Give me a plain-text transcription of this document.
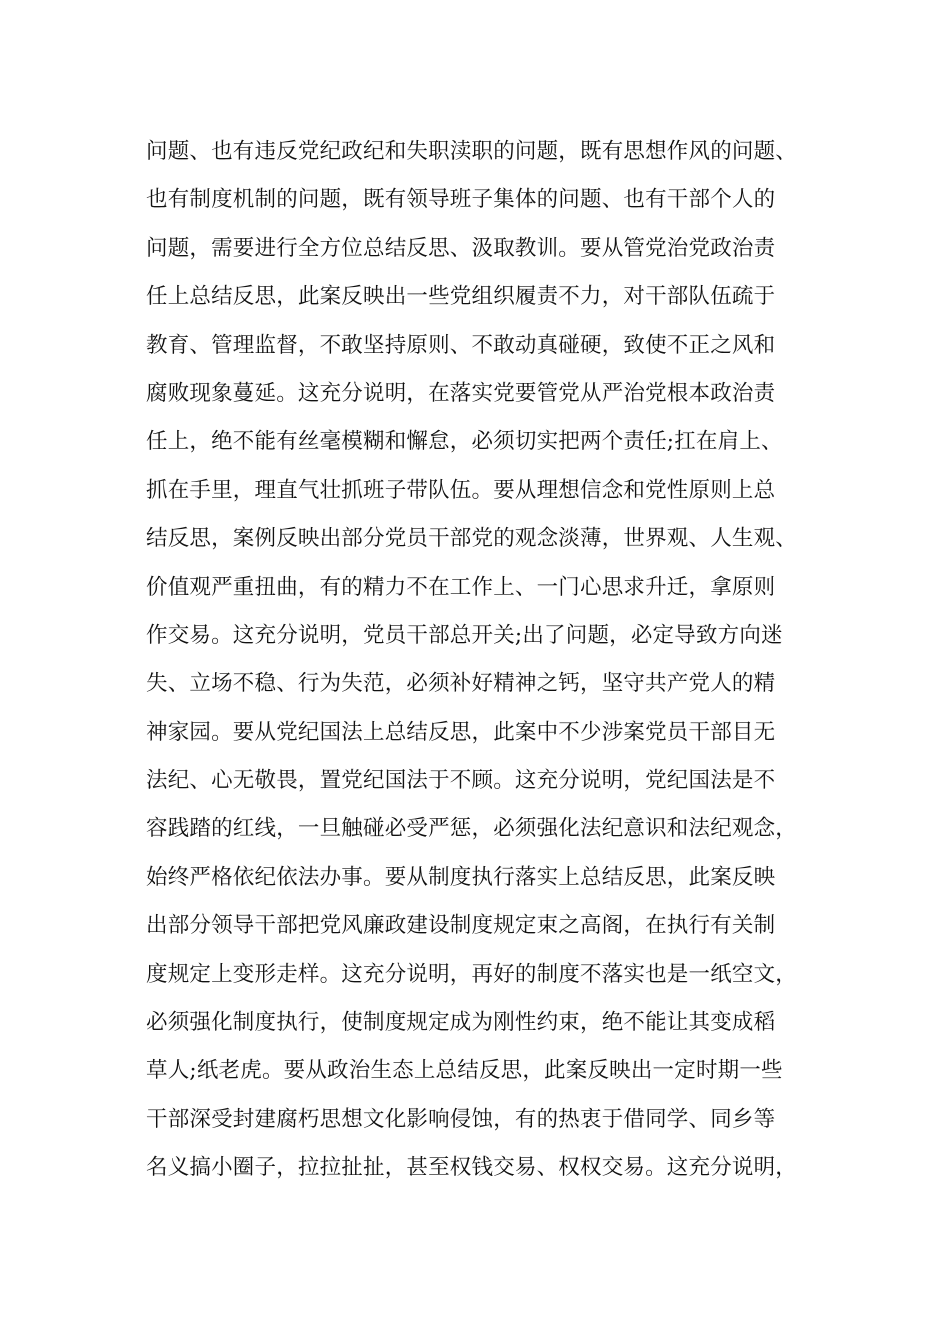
问题、也有违反党纪政纪和失职渎职的问题，既有思想作风的问题、
也有制度机制的问题，既有领导班子集体的问题、也有干部个人的
问题，需要进行全方位总结反思、汲取教训。要从管党治党政治责
任上总结反思，此案反映出一些党组织履责不力，对干部队伍疏于
教育、管理监督，不敢坚持原则、不敢动真碰硬，致使不正之风和
腐败现象蔓延。这充分说明，在落实党要管党从严治党根本政治责
任上，绝不能有丝毫模糊和懈怠，必须切实把两个责任;扛在肩上、
抓在手里，理直气壮抓班子带队伍。要从理想信念和党性原则上总
结反思，案例反映出部分党员干部党的观念淡薄，世界观、人生观、
价值观严重扭曲，有的精力不在工作上、一门心思求升迁，拿原则
作交易。这充分说明，党员干部总开关;出了问题，必定导致方向迷
失、立场不稳、行为失范，必须补好精神之钙，坚守共产党人的精
神家园。要从党纪国法上总结反思，此案中不少涉案党员干部目无
法纪、心无敬畏，置党纪国法于不顾。这充分说明，党纪国法是不
容践踏的红线，一旦触碰必受严惩，必须强化法纪意识和法纪观念，
始终严格依纪依法办事。要从制度执行落实上总结反思，此案反映
出部分领导干部把党风廉政建设制度规定束之高阁，在执行有关制
度规定上变形走样。这充分说明，再好的制度不落实也是一纸空文，
必须强化制度执行，使制度规定成为刚性约束，绝不能让其变成稻
草人;纸老虎。要从政治生态上总结反思，此案反映出一定时期一些
干部深受封建腐朽思想文化影响侵蚀，有的热衷于借同学、同乡等
名义搞小圈子，拉拉扯扯，甚至权钱交易、权权交易。这充分说明，
